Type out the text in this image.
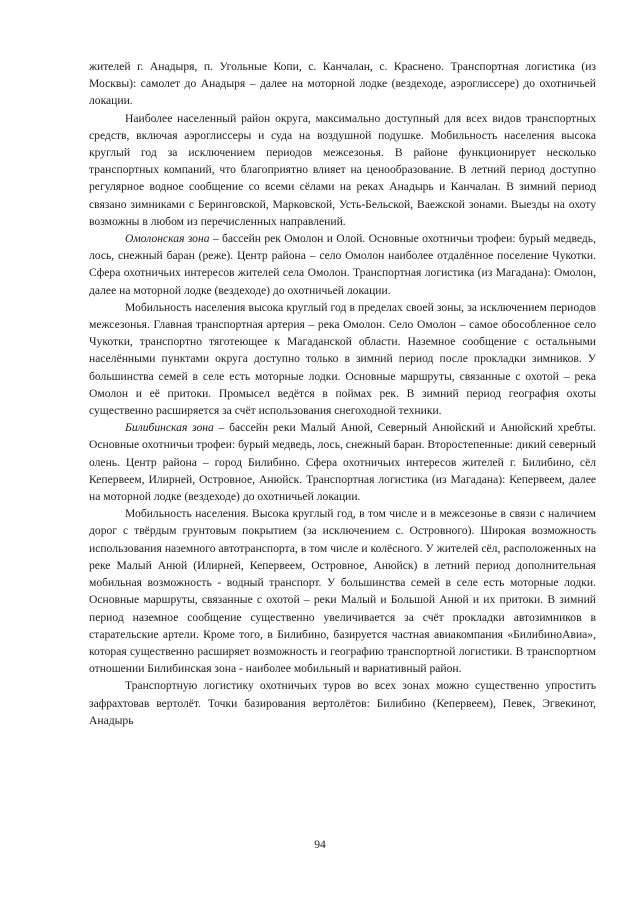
жителей г. Анадыря, п. Угольные Копи, с. Канчалан, с. Краснено. Транспортная логистика (из Москвы): самолет до Анадыря – далее на моторной лодке (вездеходе, аэроглиссере) до охотничьей локации.

Наиболее населенный район округа, максимально доступный для всех видов транспортных средств, включая аэроглиссеры и суда на воздушной подушке. Мобильность населения высока круглый год за исключением периодов межсезонья. В районе функционирует несколько транспортных компаний, что благоприятно влияет на ценообразование. В летний период доступно регулярное водное сообщение со всеми сёлами на реках Анадырь и Канчалан. В зимний период связано зимниками с Беринговской, Марковской, Усть-Бельской, Ваежской зонами. Выезды на охоту возможны в любом из перечисленных направлений.

Омолонская зона – бассейн рек Омолон и Олой. Основные охотничьи трофеи: бурый медведь, лось, снежный баран (реже). Центр района – село Омолон наиболее отдалённое поселение Чукотки. Сфера охотничьих интересов жителей села Омолон. Транспортная логистика (из Магадана): Омолон, далее на моторной лодке (вездеходе) до охотничьей локации.

Мобильность населения высока круглый год в пределах своей зоны, за исключением периодов межсезонья. Главная транспортная артерия – река Омолон. Село Омолон – самое обособленное село Чукотки, транспортно тяготеющее к Магаданской области. Наземное сообщение с остальными населёнными пунктами округа доступно только в зимний период после прокладки зимников. У большинства семей в селе есть моторные лодки. Основные маршруты, связанные с охотой – река Омолон и её притоки. Промысел ведётся в поймах рек. В зимний период география охоты существенно расширяется за счёт использования снегоходной техники.

Билибинская зона – бассейн реки Малый Анюй, Северный Анюйский и Анюйский хребты. Основные охотничьи трофеи: бурый медведь, лось, снежный баран. Второстепенные: дикий северный олень. Центр района – город Билибино. Сфера охотничьих интересов жителей г. Билибино, сёл Кепервеем, Илирней, Островное, Анюйск. Транспортная логистика (из Магадана): Кепервеем, далее на моторной лодке (вездеходе) до охотничьей локации.

Мобильность населения. Высока круглый год, в том числе и в межсезонье в связи с наличием дорог с твёрдым грунтовым покрытием (за исключением с. Островного). Широкая возможность использования наземного автотранспорта, в том числе и колёсного. У жителей сёл, расположенных на реке Малый Анюй (Илирней, Кепервеем, Островное, Анюйск) в летний период дополнительная мобильная возможность - водный транспорт. У большинства семей в селе есть моторные лодки. Основные маршруты, связанные с охотой – реки Малый и Большой Анюй и их притоки. В зимний период наземное сообщение существенно увеличивается за счёт прокладки автозимников в старательские артели. Кроме того, в Билибино, базируется частная авиакомпания «БилибиноАвиа», которая существенно расширяет возможность и географию транспортной логистики. В транспортном отношении Билибинская зона - наиболее мобильный и вариативный район.

Транспортную логистику охотничьих туров во всех зонах можно существенно упростить зафрахтовав вертолёт. Точки базирования вертолётов: Билибино (Кепервеем), Певек, Эгвекинот, Анадырь

94
